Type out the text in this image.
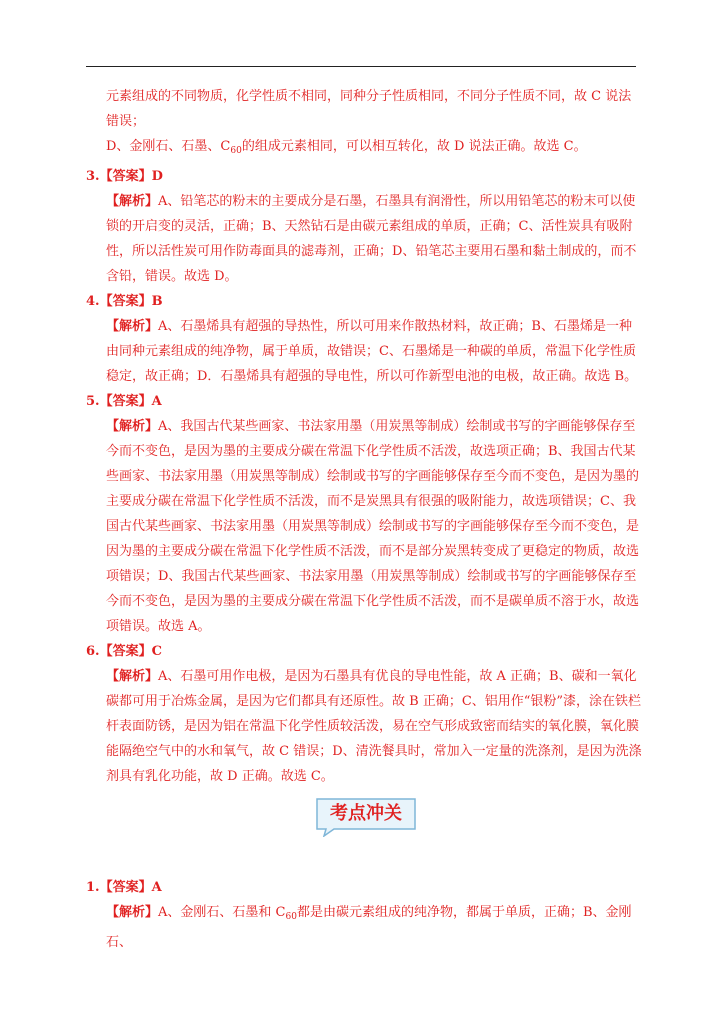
元素组成的不同物质，化学性质不相同，同种分子性质相同，不同分子性质不同，故 C 说法错误；
D、金刚石、石墨、$C_{60}$的组成元素相同，可以相互转化，故 D 说法正确。故选 C。

3.【答案】D

【解析】A、铅笔芯的粉末的主要成分是石墨，石墨具有润滑性，所以用铅笔芯的粉末可以使锁的开启变的灵活，正确；B、天然钻石是由碳元素组成的单质，正确；C、活性炭具有吸附性，所以活性炭可用作防毒面具的滤毒剂，正确；D、铅笔芯主要用石墨和黏土制成的，而不含铅，错误。故选 D。

4.【答案】B

【解析】A、石墨烯具有超强的导热性，所以可用来作散热材料，故正确；B、石墨烯是一种由同种元素组成的纯净物，属于单质，故错误；C、石墨烯是一种碳的单质，常温下化学性质稳定，故正确；D．石墨烯具有超强的导电性，所以可作新型电池的电极，故正确。故选 B。

5.【答案】A

【解析】A、我国古代某些画家、书法家用墨（用炭黑等制成）绘制或书写的字画能够保存至今而不变色，是因为墨的主要成分碳在常温下化学性质不活泼，故选项正确；B、我国古代某些画家、书法家用墨（用炭黑等制成）绘制或书写的字画能够保存至今而不变色，是因为墨的主要成分碳在常温下化学性质不活泼，而不是炭黑具有很强的吸附能力，故选项错误；C、我国古代某些画家、书法家用墨（用炭黑等制成）绘制或书写的字画能够保存至今而不变色，是因为墨的主要成分碳在常温下化学性质不活泼，而不是部分炭黑转变成了更稳定的物质，故选项错误；D、我国古代某些画家、书法家用墨（用炭黑等制成）绘制或书写的字画能够保存至今而不变色，是因为墨的主要成分碳在常温下化学性质不活泼，而不是碳单质不溶于水，故选项错误。故选 A。

6.【答案】C

【解析】A、石墨可用作电极，是因为石墨具有优良的导电性能，故 A 正确；B、碳和一氧化碳都可用于冶炼金属，是因为它们都具有还原性。故 B 正确；C、铝用作“银粉”漆，涂在铁栏杆表面防锈，是因为铝在常温下化学性质较活泼，易在空气形成致密而结实的氧化膜，氧化膜能隔绝空气中的水和氧气，故 C 错误；D、清洗餐具时，常加入一定量的洗涤剂，是因为洗涤剂具有乳化功能，故 D 正确。故选 C。

考点冲关
1.【答案】A

【解析】A、金刚石、石墨和 $C_{60}$都是由碳元素组成的纯净物，都属于单质，正确；B、金刚石、
